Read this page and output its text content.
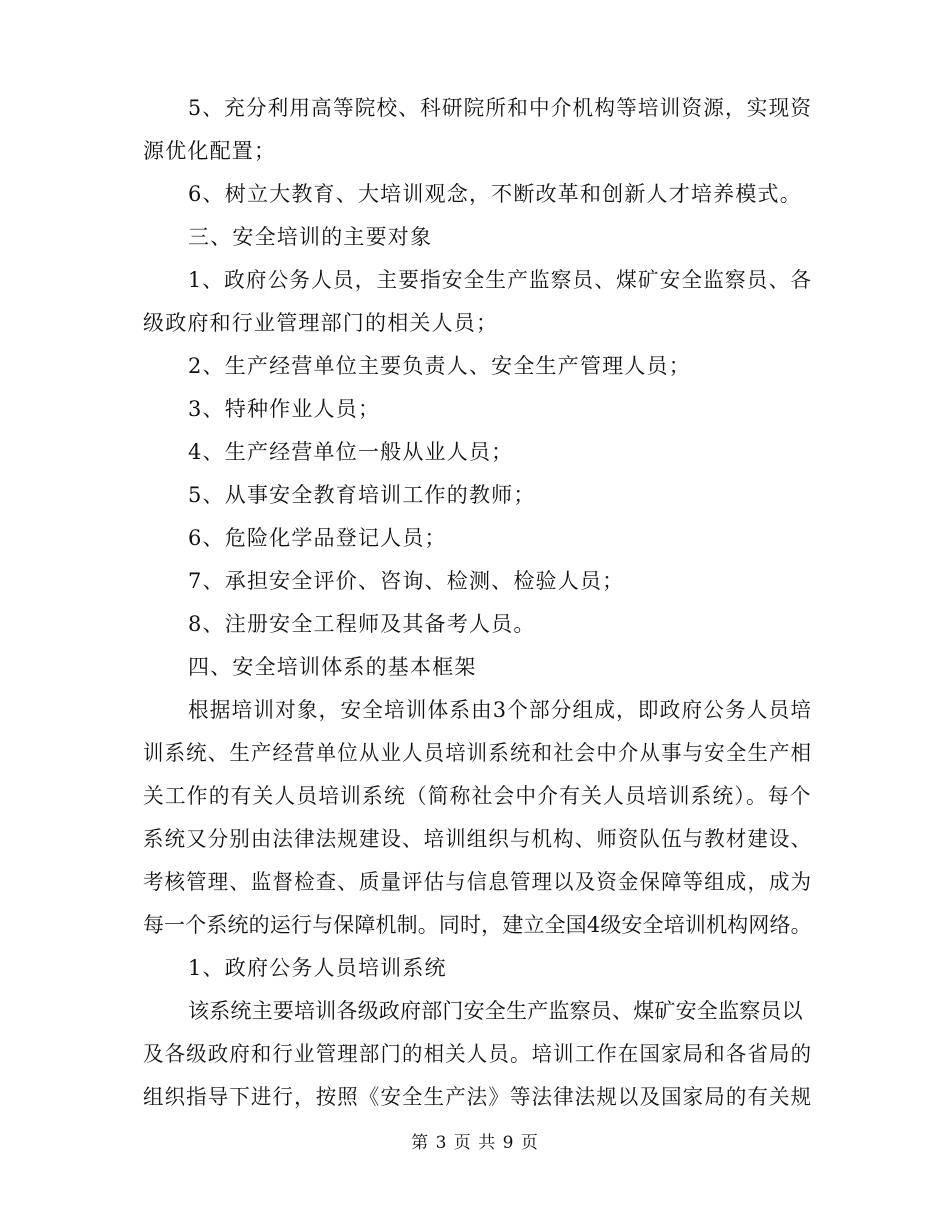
5、充分利用高等院校、科研院所和中介机构等培训资源，实现资
源优化配置；
6、树立大教育、大培训观念，不断改革和创新人才培养模式。
三、安全培训的主要对象
1、政府公务人员，主要指安全生产监察员、煤矿安全监察员、各
级政府和行业管理部门的相关人员；
2、生产经营单位主要负责人、安全生产管理人员；
3、特种作业人员；
4、生产经营单位一般从业人员；
5、从事安全教育培训工作的教师；
6、危险化学品登记人员；
7、承担安全评价、咨询、检测、检验人员；
8、注册安全工程师及其备考人员。
四、安全培训体系的基本框架
根据培训对象，安全培训体系由3个部分组成，即政府公务人员培
训系统、生产经营单位从业人员培训系统和社会中介从事与安全生产相
关工作的有关人员培训系统（简称社会中介有关人员培训系统）。每个
系统又分别由法律法规建设、培训组织与机构、师资队伍与教材建设、
考核管理、监督检查、质量评估与信息管理以及资金保障等组成，成为
每一个系统的运行与保障机制。同时，建立全国4级安全培训机构网络。
1、政府公务人员培训系统
该系统主要培训各级政府部门安全生产监察员、煤矿安全监察员以
及各级政府和行业管理部门的相关人员。培训工作在国家局和各省局的
组织指导下进行，按照《安全生产法》等法律法规以及国家局的有关规
第 3 页 共 9 页
